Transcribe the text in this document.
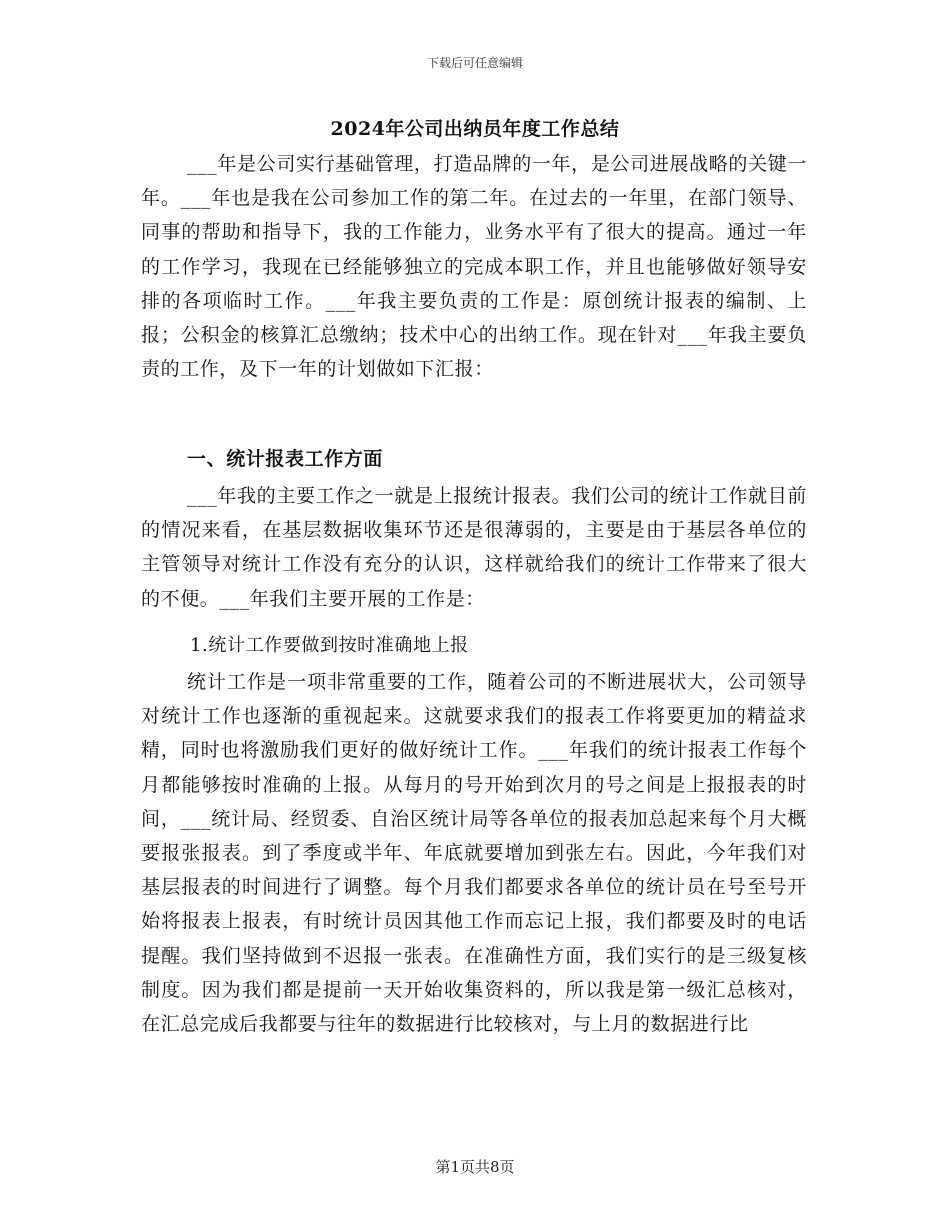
下载后可任意编辑
2024年公司出纳员年度工作总结

___年是公司实行基础管理，打造品牌的一年，是公司进展战略的关键一年。___年也是我在公司参加工作的第二年。在过去的一年里，在部门领导、同事的帮助和指导下，我的工作能力，业务水平有了很大的提高。通过一年的工作学习，我现在已经能够独立的完成本职工作，并且也能够做好领导安排的各项临时工作。___年我主要负责的工作是：原创统计报表的编制、上报；公积金的核算汇总缴纳；技术中心的出纳工作。现在针对___年我主要负责的工作，及下一年的计划做如下汇报：

一、统计报表工作方面

___年我的主要工作之一就是上报统计报表。我们公司的统计工作就目前的情况来看，在基层数据收集环节还是很薄弱的，主要是由于基层各单位的主管领导对统计工作没有充分的认识，这样就给我们的统计工作带来了很大的不便。___年我们主要开展的工作是：

1.统计工作要做到按时准确地上报

统计工作是一项非常重要的工作，随着公司的不断进展状大，公司领导对统计工作也逐渐的重视起来。这就要求我们的报表工作将要更加的精益求精，同时也将激励我们更好的做好统计工作。___年我们的统计报表工作每个月都能够按时准确的上报。从每月的号开始到次月的号之间是上报报表的时间，___统计局、经贸委、自治区统计局等各单位的报表加总起来每个月大概要报张报表。到了季度或半年、年底就要增加到张左右。因此，今年我们对基层报表的时间进行了调整。每个月我们都要求各单位的统计员在号至号开始将报表上报表，有时统计员因其他工作而忘记上报，我们都要及时的电话提醒。我们坚持做到不迟报一张表。在准确性方面，我们实行的是三级复核制度。因为我们都是提前一天开始收集资料的，所以我是第一级汇总核对，在汇总完成后我都要与往年的数据进行比较核对，与上月的数据进行比

第1页共8页
